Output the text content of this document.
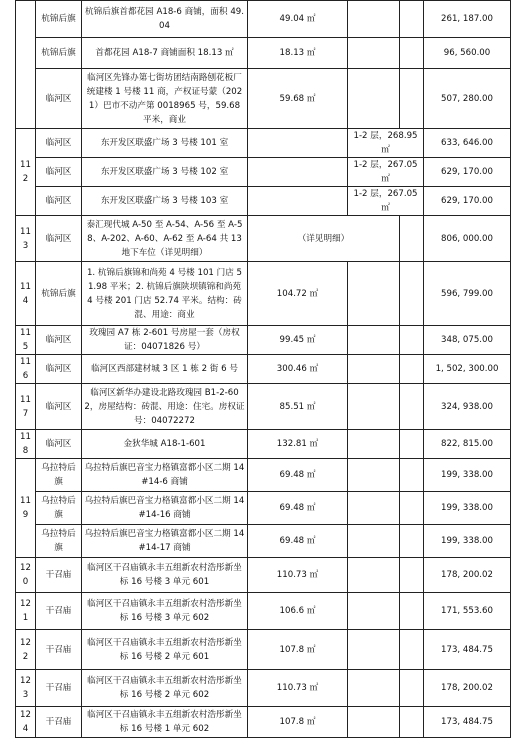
	杭锦后旗	杭锦后旗首都花园 A18-6 商铺，面积 49.04	49.04 ㎡			261, 187.00
	杭锦后旗	首都花园 A18-7 商铺面积 18.13 ㎡	18.13 ㎡			96, 560.00
	临河区	临河区先锋办第七街坊团结南路刨花板厂统建楼 1 号楼 11 商，产权证号蒙（2021）巴市不动产第 0018965 号，59.68 平米，商业	59.68 ㎡			507, 280.00
112	临河区	东开发区联盛广场 3 号楼 101 室		1-2 层，268.95 ㎡		633, 646.00
	临河区	东开发区联盛广场 3 号楼 102 室		1-2 层，267.05 ㎡		629, 170.00
	临河区	东开发区联盛广场 3 号楼 103 室		1-2 层，267.05 ㎡		629, 170.00
113	临河区	泰汇现代城 A-50 至 A-54、A-56 至 A-58、A-202、A-60、A-62 至 A-64 共 13 地下车位（详见明细）	（详见明细）			806, 000.00
114	杭锦后旗	1. 杭锦后旗锦和尚苑 4 号楼 101 门店 51.98 平米；2. 杭锦后旗陕坝镇锦和尚苑 4 号楼 201 门店 52.74 平米。结构：砖混、用途：商业	104.72 ㎡			596, 799.00
115	临河区	玫瑰园 A7 栋 2-601 号房屋一套（房权证：04071826 号）	99.45 ㎡			348, 075.00
116	临河区	临河区西部建材城 3 区 1 栋 2 街 6 号	300.46 ㎡			1, 502, 300.00
117	临河区	临河区新华办建设北路玫瑰园 B1-2-602，房屋结构：砖混、用途：住宅。房权证号：04072272	85.51 ㎡			324, 938.00
118	临河区	金狄华城 A18-1-601	132.81 ㎡			822, 815.00
119	乌拉特后旗	乌拉特后旗巴音宝力格镇富都小区二期 14#14-6 商铺	69.48 ㎡			199, 338.00
	乌拉特后旗	乌拉特后旗巴音宝力格镇富都小区二期 14#14-16 商铺	69.48 ㎡			199, 338.00
	乌拉特后旗	乌拉特后旗巴音宝力格镇富都小区二期 14#14-17 商铺	69.48 ㎡			199, 338.00
120	干召庙	临河区干召庙镇永丰五组新农村浩彤新坐标 16 号楼 3 单元 601	110.73 ㎡			178, 200.02
121	干召庙	临河区干召庙镇永丰五组新农村浩彤新坐标 16 号楼 3 单元 602	106.6 ㎡			171, 553.60
122	干召庙	临河区干召庙镇永丰五组新农村浩彤新坐标 16 号楼 2 单元 601	107.8 ㎡			173, 484.75
123	干召庙	临河区干召庙镇永丰五组新农村浩彤新坐标 16 号楼 2 单元 602	110.73 ㎡			178, 200.02
124	干召庙	临河区干召庙镇永丰五组新农村浩彤新坐标 16 号楼 1 单元 602	107.8 ㎡			173, 484.75
